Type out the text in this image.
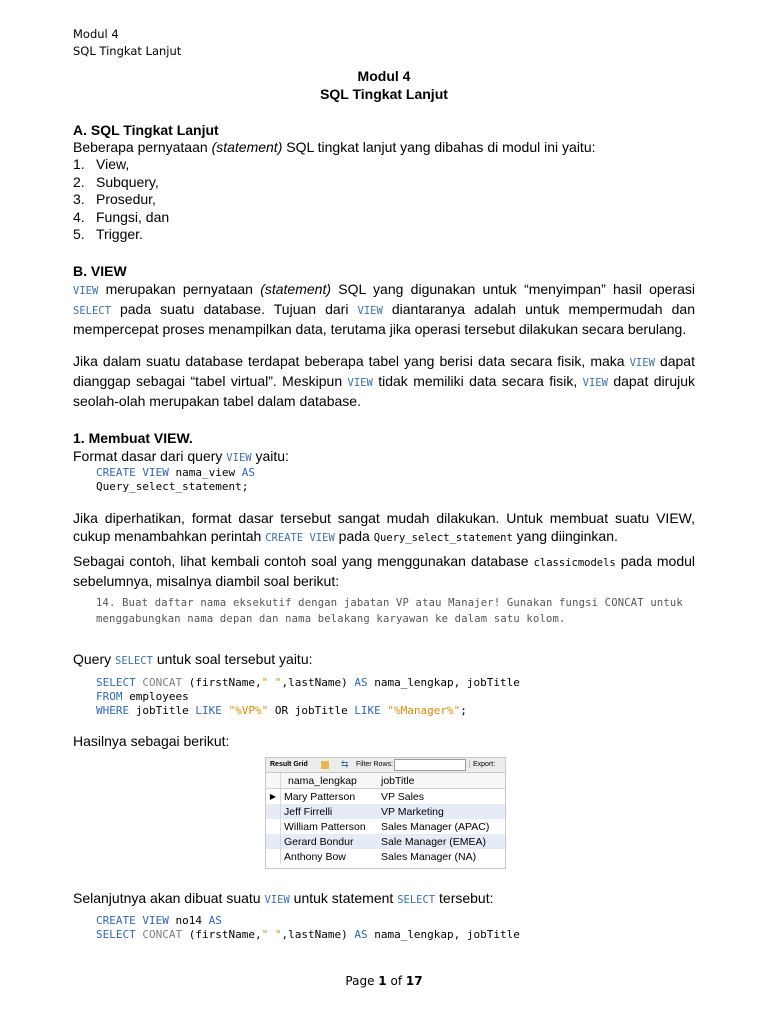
Modul 4
SQL Tingkat Lanjut
Modul 4
SQL Tingkat Lanjut
A. SQL Tingkat Lanjut
Beberapa pernyataan (statement) SQL tingkat lanjut yang dibahas di modul ini yaitu:
1. View,
2. Subquery,
3. Prosedur,
4. Fungsi, dan
5. Trigger.
B. VIEW
VIEW merupakan pernyataan (statement) SQL yang digunakan untuk “menyimpan” hasil operasi SELECT pada suatu database. Tujuan dari VIEW diantaranya adalah untuk mempermudah dan mempercepat proses menampilkan data, terutama jika operasi tersebut dilakukan secara berulang.
Jika dalam suatu database terdapat beberapa tabel yang berisi data secara fisik, maka VIEW dapat dianggap sebagai “tabel virtual”. Meskipun VIEW tidak memiliki data secara fisik, VIEW dapat dirujuk seolah-olah merupakan tabel dalam database.
1. Membuat VIEW.
Format dasar dari query VIEW yaitu:
CREATE VIEW nama_view AS
Query_select_statement;
Jika diperhatikan, format dasar tersebut sangat mudah dilakukan. Untuk membuat suatu VIEW, cukup menambahkan perintah CREATE VIEW pada Query_select_statement yang diinginkan.
Sebagai contoh, lihat kembali contoh soal yang menggunakan database classicmodels pada modul sebelumnya, misalnya diambil soal berikut:
14. Buat daftar nama eksekutif dengan jabatan VP atau Manajer! Gunakan fungsi CONCAT untuk menggabungkan nama depan dan nama belakang karyawan ke dalam satu kolom.
Query SELECT untuk soal tersebut yaitu:
SELECT CONCAT (firstName," ",lastName) AS nama_lengkap, jobTitle
FROM employees
WHERE jobTitle LIKE "%VP%" OR jobTitle LIKE "%Manager%";
Hasilnya sebagai berikut:
Result Grid	⇆ Filter Rows:	Export:
	nama_lengkap	jobTitle
▶	Mary Patterson	VP Sales
	Jeff Firrelli	VP Marketing
	William Patterson	Sales Manager (APAC)
	Gerard Bondur	Sale Manager (EMEA)
	Anthony Bow	Sales Manager (NA)
Selanjutnya akan dibuat suatu VIEW untuk statement SELECT tersebut:
CREATE VIEW no14 AS
SELECT CONCAT (firstName," ",lastName) AS nama_lengkap, jobTitle
Page 1 of 17
